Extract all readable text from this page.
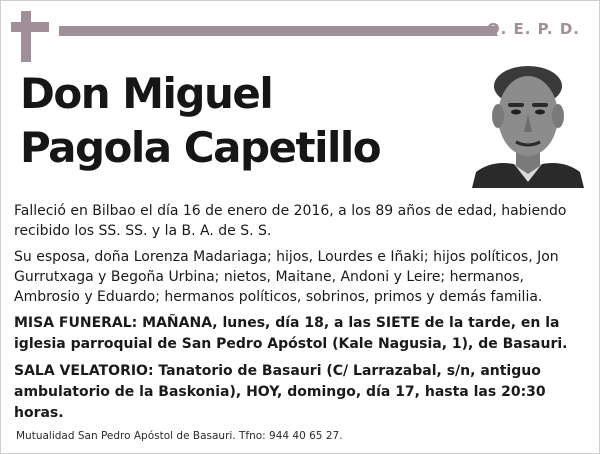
Q. E. P. D.
Don Miguel
Pagola Capetillo

Falleció en Bilbao el día 16 de enero de 2016, a los 89 años de edad, habiendo recibido los SS. SS. y la B. A. de S. S.

Su esposa, doña Lorenza Madariaga; hijos, Lourdes e Iñaki; hijos políticos, Jon Gurrutxaga y Begoña Urbina; nietos, Maitane, Andoni y Leire; hermanos, Ambrosio y Eduardo; hermanos políticos, sobrinos, primos y demás familia.

MISA FUNERAL: MAÑANA, lunes, día 18, a las SIETE de la tarde, en la iglesia parroquial de San Pedro Apóstol (Kale Nagusia, 1), de Basauri.

SALA VELATORIO: Tanatorio de Basauri (C/ Larrazabal, s/n, antiguo ambulatorio de la Baskonia), HOY, domingo, día 17, hasta las 20:30 horas.

Mutualidad San Pedro Apóstol de Basauri. Tfno: 944 40 65 27.
